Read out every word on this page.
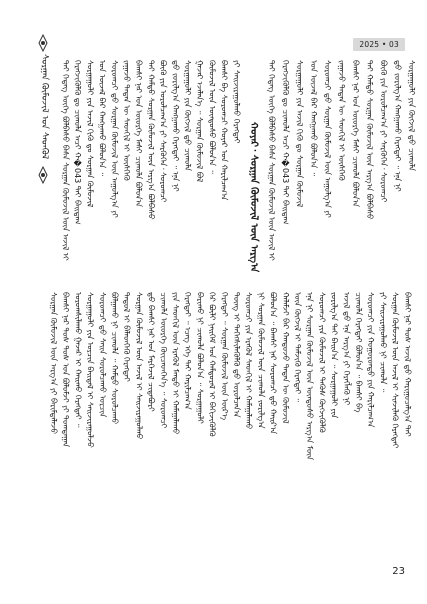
2025 • 03
ᠰᠤᠷᠭᠠᠨ ᠬᠦᠮᠦᠵᠢᠯ ᠤᠨ ᠰᠡᠳᠬᠦᠯ
ᠬᠣᠶᠠᠷ᠂ ᠰᠤᠷᠭᠠᠨ ᠬᠦᠮᠦᠵᠢᠯ ᠦᠨ ᠠᠷᠭ᠎ᠠ
ᠲᠡᠢ ᠭᠡᠳᠡᠭ ᠦᠭᠡ ᠪᠣᠯᠪᠠᠰᠤ ᠪᠠᠰᠠ ᠰᠤᠷᠭᠠᠨ ᠬᠦᠮᠦᠵᠢᠯ ᠦᠨ ᠠᠵᠢᠯ ᠢ ᠬᠡᠷᠡᠭᠵᠢᠭᠦᠯᠬᠦ ᠳᠤ ᠴᠢᠬᠤᠯᠠ ᠠᠴᠢ ᠬ�043 ᠲᠠᠢ ᠪᠠᠢᠳᠠᠭ ᠰᠤᠷᠭᠠᠭᠤᠯᠢ ᠶᠢᠨ ᠠᠵᠢᠯ ᠬᠢᠬᠦ ᠳᠤ ᠰᠤᠷᠭᠠᠨ ᠬᠦᠮᠦᠵᠢᠯ ᠤᠨ ᠦᠵᠡᠯ ᠪᠠᠷ ᠬᠠᠩᠭᠠᠬᠤ ᠪᠣᠯᠣᠨ᠎ᠠ ᠃ ᠰᠤᠷᠤᠭᠴᠢ ᠳ᠋ᠤ ᠰᠤᠷᠭᠠᠨ ᠬᠦᠮᠦᠵᠢᠯ ᠦᠨ ᠠᠭᠤᠯᠭ᠎ᠠ ᠶᠢ ᠵᠠᠭᠠᠵᠤ ᠲᠡᠳᠡᠨ ᠦ ᠰᠡᠳᠬᠢᠯ ᠢ ᠥᠰᠬᠡᠬᠦ ᠪᠠᠭᠰᠢ ᠨᠠᠷ ᠤᠨ ᠦᠦᠷᠭᠡ ᠮᠠᠰᠢ ᠴᠢᠬᠤᠯᠠ ᠪᠣᠯᠣᠨ᠎ᠠ ᠲᠡᠢ ᠬᠠᠮᠲᠤ ᠰᠤᠷᠭᠠᠨ ᠬᠦᠮᠦᠵᠢᠯ ᠦᠨ ᠠᠷᠭ᠎ᠠ ᠪᠣᠯᠪᠠᠰᠤ ᠪᠦᠬᠦ ᠶᠢᠨ ᠣᠷᠣᠯᠴᠠᠭ᠎ᠠ ᠶᠢ ᠰᠡᠷᠭᠦᠭᠡᠨ᠂ ᠰᠤᠷᠤᠭᠴᠢ ᠳ᠋ᠤ ᠵᠣᠷᠢᠯᠭ᠎ᠠ ᠬᠠᠩᠭᠠᠬᠤ ᠬᠡᠷᠡᠭᠲᠡᠢ ᠃ ᠡᠨᠡ ᠨᠢ ᠰᠤᠷᠭᠠᠭᠤᠯᠢ ᠶᠢᠨ ᠬᠥᠭᠵᠢᠯ ᠳ᠋ᠤ ᠴᠢᠬᠤᠯᠠ ᠭᠠᠵᠠᠷ ᠡᠵᠡᠯᠡᠨ᠎ᠡ ᠃ ᠰᠤᠷᠭᠠᠨ ᠬᠦᠮᠦᠵᠢᠯ ᠪᠣᠯ ᠬᠦᠮᠦᠵᠢᠯ ᠦᠨ ᠦᠨᠳᠦᠰᠦ ᠪᠣᠯᠣᠨ᠎ᠠ ᠃ ᠪᠠᠭᠰᠢ ᠪᠠ ᠰᠤᠷᠤᠭᠴᠢ ᠬᠣᠶᠠᠷ ᠤᠨ ᠬᠠᠷᠢᠯᠴᠠᠭ᠎ᠠ ᠶᠢ ᠰᠠᠢᠵᠢᠷᠠᠭᠤᠯᠬᠤ ᠬᠡᠷᠡᠭᠲᠡᠢ	ᠲᠡᠢ ᠭᠡᠳᠡᠭ ᠦᠭᠡ ᠪᠣᠯᠪᠠᠰᠤ ᠪᠠᠰᠠ ᠰᠤᠷᠭᠠᠨ ᠬᠦᠮᠦᠵᠢᠯ ᠦᠨ ᠠᠵᠢᠯ ᠢ ᠬᠡᠷᠡᠭᠵᠢᠭᠦᠯᠬᠦ ᠳᠤ ᠴᠢᠬᠤᠯᠠ ᠠᠴᠢ ᠬ�043 ᠲᠠᠢ ᠪᠠᠢᠳᠠᠭ ᠰᠤᠷᠭᠠᠭᠤᠯᠢ ᠶᠢᠨ ᠠᠵᠢᠯ ᠬᠢᠬᠦ ᠳᠤ ᠰᠤᠷᠭᠠᠨ ᠬᠦᠮᠦᠵᠢᠯ ᠤᠨ ᠦᠵᠡᠯ ᠪᠠᠷ ᠬᠠᠩᠭᠠᠬᠤ ᠪᠣᠯᠣᠨ᠎ᠠ ᠃ ᠰᠤᠷᠤᠭᠴᠢ ᠳ᠋ᠤ ᠰᠤᠷᠭᠠᠨ ᠬᠦᠮᠦᠵᠢᠯ ᠦᠨ ᠠᠭᠤᠯᠭ᠎ᠠ ᠶᠢ ᠵᠠᠭᠠᠵᠤ ᠲᠡᠳᠡᠨ ᠦ ᠰᠡᠳᠬᠢᠯ ᠢ ᠥᠰᠬᠡᠬᠦ ᠪᠠᠭᠰᠢ ᠨᠠᠷ ᠤᠨ ᠦᠦᠷᠭᠡ ᠮᠠᠰᠢ ᠴᠢᠬᠤᠯᠠ ᠪᠣᠯᠣᠨ᠎ᠠ ᠲᠡᠢ ᠬᠠᠮᠲᠤ ᠰᠤᠷᠭᠠᠨ ᠬᠦᠮᠦᠵᠢᠯ ᠦᠨ ᠠᠷᠭ᠎ᠠ ᠪᠣᠯᠪᠠᠰᠤ ᠪᠦᠬᠦ ᠶᠢᠨ ᠣᠷᠣᠯᠴᠠᠭ᠎ᠠ ᠶᠢ ᠰᠡᠷᠭᠦᠭᠡᠨ᠂ ᠰᠤᠷᠤᠭᠴᠢ ᠳ᠋ᠤ ᠵᠣᠷᠢᠯᠭ᠎ᠠ ᠬᠠᠩᠭᠠᠬᠤ ᠬᠡᠷᠡᠭᠲᠡᠢ ᠃ ᠡᠨᠡ ᠨᠢ ᠰᠤᠷᠭᠠᠭᠤᠯᠢ ᠶᠢᠨ ᠬᠥᠭᠵᠢᠯ ᠳ᠋ᠤ ᠴᠢᠬᠤᠯᠠ
ᠰᠤᠷᠭᠠᠨ ᠬᠦᠮᠦᠵᠢᠯ ᠦᠨ ᠠᠷᠭ᠎ᠠ ᠶᠢ ᠪᠠᠷᠢᠮᠳᠠᠯᠠᠵᠤ ᠪᠠᠭᠰᠢ ᠨᠠᠷ ᠲᠤᠰ ᠲᠤᠰ ᠤᠨ ᠪᠣᠯᠣᠮᠵᠢ ᠶᠢ ᠲᠣᠭᠲᠠᠭᠠᠨ ᠤᠷᠤᠭᠰᠢᠯᠠᠬᠤ ᠭᠠᠵᠠᠷ ᠢ ᠬᠠᠢᠬᠤ ᠬᠡᠷᠡᠭᠲᠡᠢ ᠃ ᠰᠤᠷᠭᠠᠭᠤᠯᠢ ᠶᠢᠨ ᠣᠷᠴᠢᠨ ᠪᠠᠢᠳᠠᠯ ᠢ ᠰᠠᠢᠵᠢᠷᠠᠭᠤᠯᠵᠤ ᠰᠤᠷᠤᠭᠴᠢ ᠳ᠋ᠤ ᠰᠠᠢᠨ ᠰᠤᠷᠤᠯᠴᠠᠬᠤ ᠣᠷᠴᠢᠨ ᠪᠣᠯᠭᠠᠬᠤ ᠨᠢ ᠴᠢᠬᠤᠯᠠ ᠃ ᠬᠠᠮᠲᠤ ᠰᠤᠷᠤᠯᠴᠠᠬᠤ ᠳᠠᠳᠤᠯ ᠢ ᠪᠡᠯᠡᠳᠬᠡᠬᠦ ᠬᠡᠷᠡᠭᠲᠡᠢ ᠰᠤᠷᠭᠠᠨ ᠬᠦᠮᠦᠵᠢᠯ ᠦᠨ ᠠᠵᠢᠯ ᠢ ᠰᠠᠢᠵᠢᠷᠠᠭᠤᠯᠬᠤ ᠳ᠋ᠤ ᠪᠠᠭᠰᠢ ᠨᠠᠷ ᠤᠨ ᠮᠡᠷᠭᠡᠵᠢᠯ ᠴᠢᠳᠠᠪᠤᠷᠢ ᠴᠢᠬᠤᠯᠠ ᠦᠦᠷᠭᠡ ᠭᠦᠢᠴᠡᠳᠬᠡᠨ᠎ᠡ ᠃ ᠰᠤᠷᠤᠭᠴᠢ ᠶᠢᠨ ᠰᠡᠳᠬᠢᠯ ᠦᠨ ᠡᠷᠡᠭᠦᠯ ᠮᠡᠨᠳᠦ ᠢ ᠬᠠᠮᠠᠭᠠᠯᠠᠬᠤ ᠬᠡᠷᠡᠭᠲᠡᠢ ᠃ ᠡᠴᠡᠭ᠌ ᠡᠬᠡ ᠲᠠᠢ ᠬᠠᠷᠢᠯᠴᠠᠭ᠎ᠠ ᠪᠠᠷᠢᠬᠤ ᠨᠢ ᠴᠢᠬᠤᠯᠠ ᠪᠣᠯᠣᠨ᠎ᠠ ᠃ ᠰᠤᠷᠭᠠᠭᠤᠯᠢ ᠭᠡᠷ ᠪᠦᠯᠢ ᠨᠡᠢᠭᠡᠮ ᠤᠨ ᠬᠠᠮᠲᠤᠷᠠᠯ ᠢ ᠪᠡᠬᠢᠵᠢᠭᠦᠯᠬᠦ ᠬᠡᠷᠡᠭᠲᠡᠢ ᠃ ᠰᠤᠷᠭᠠᠨ ᠬᠦᠮᠦᠵᠢᠯ ᠦᠨ ᠦᠷ᠎ᠡ ᠳᠦᠩ ᠢ ᠳᠡᠭᠡᠭᠰᠢᠯᠡᠭᠦᠯᠬᠦ ᠳ᠋ᠤ ᠣᠷᠣᠯᠴᠠᠨ᠎ᠠ ᠰᠤᠷᠤᠭᠴᠢ ᠶᠢᠨ ᠡᠷᠡᠭᠦᠯ ᠰᠡᠳᠬᠢᠯ ᠢ ᠬᠠᠮᠠᠭᠠᠯᠠᠬᠤ ᠨᠢ ᠰᠤᠷᠭᠠᠨ ᠬᠦᠮᠦᠵᠢᠯ ᠦᠨ ᠴᠢᠬᠤᠯᠠ ᠵᠣᠷᠢᠯᠭ᠎ᠠ ᠪᠣᠯᠣᠨ᠎ᠠ ᠃ ᠪᠠᠭᠰᠢ ᠨᠠᠷ ᠰᠤᠷᠤᠭᠴᠢ ᠳ᠋ᠤ ᠬᠠᠢᠷ᠎ᠠ ᠬᠠᠯᠠᠮᠵᠢ ᠪᠡᠷ ᠬᠠᠨᠳᠤᠵᠤ ᠲᠡᠳᠡᠨ ᠦ ᠬᠦᠮᠦᠵᠢᠯ ᠦᠨ ᠬᠥᠭᠵᠢᠯ ᠢ ᠳᠡᠮᠵᠢᠬᠦ ᠬᠡᠷᠡᠭᠲᠡᠢ ᠃ ᠡᠨᠡ ᠨᠢ ᠰᠤᠷᠭᠠᠨ ᠬᠦᠮᠦᠵᠢᠯ ᠦᠨ ᠦᠨᠳᠦᠰᠦ ᠠᠷᠭ᠎ᠠ ᠮᠥᠨ ᠰᠤᠷᠤᠭᠴᠢ ᠶᠢᠨ ᠬᠦᠮᠦᠵᠢᠯ ᠢ ᠲᠡᠭᠦᠰ ᠬᠥᠭᠵᠢᠭᠦᠯᠬᠦ ᠵᠣᠷᠢᠯᠭ᠎ᠠ ᠲᠠᠢ ᠪᠠᠢᠨ᠎ᠠ ᠃ ᠰᠤᠷᠭᠠᠭᠤᠯᠢ ᠶᠢᠨ ᠠᠵᠢᠯ ᠳ᠋ᠤ ᠡᠨᠡ ᠠᠷᠭ᠎ᠠ ᠶᠢ ᠬᠡᠷᠡᠭᠯᠡᠬᠦ ᠨᠢ ᠴᠢᠬᠤᠯᠠ ᠬᠡᠷᠡᠭᠲᠡᠢ ᠪᠣᠯᠣᠨ᠎ᠠ ᠃ ᠪᠠᠭᠰᠢ ᠪᠠ ᠰᠤᠷᠤᠭᠴᠢ ᠶᠢᠨ ᠬᠣᠭᠣᠷᠣᠨᠳᠤ ᠶᠢᠨ ᠬᠠᠷᠢᠯᠴᠠᠭ᠎ᠠ ᠶᠢ ᠰᠠᠢᠵᠢᠷᠠᠭᠤᠯᠬᠤ ᠨᠢ ᠴᠢᠬᠤᠯᠠ ᠃ ᠰᠤᠷᠭᠠᠨ ᠬᠦᠮᠦᠵᠢᠯ ᠦᠨ ᠠᠵᠢᠯ ᠢ ᠰᠢᠨᠵᠢᠯᠡᠬᠦ ᠬᠡᠷᠡᠭᠲᠡᠢ ᠪᠠᠭᠰᠢ ᠨᠠᠷ ᠲᠤᠰ ᠠᠵᠢᠯ ᠳ᠋ᠤ ᠬᠠᠷᠢᠭᠤᠴᠠᠯᠭ᠎ᠠ ᠲᠠᠢ
23
